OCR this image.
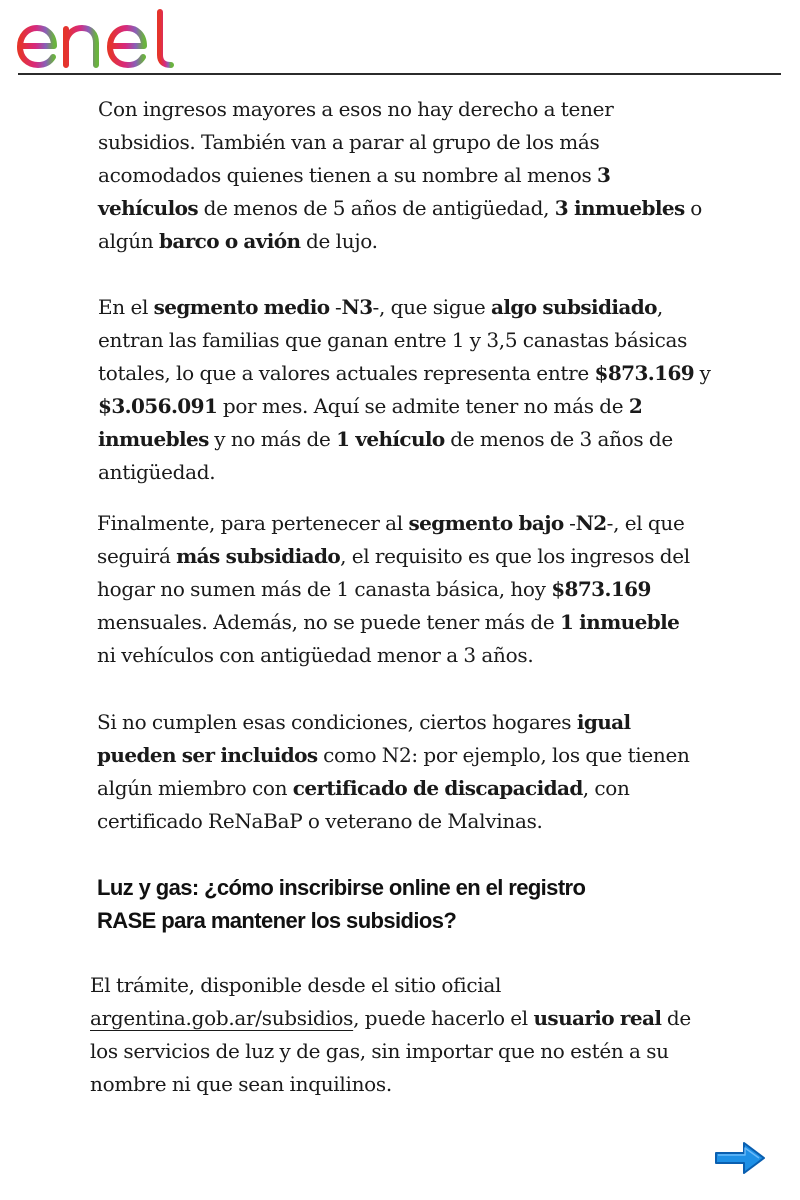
Con ingresos mayores a esos no hay derecho a tener
subsidios. También van a parar al grupo de los más
acomodados quienes tienen a su nombre al menos 3
vehículos de menos de 5 años de antigüedad, 3 inmuebles o
algún barco o avión de lujo.

En el segmento medio -N3-, que sigue algo subsidiado,
entran las familias que ganan entre 1 y 3,5 canastas básicas
totales, lo que a valores actuales representa entre $873.169 y
$3.056.091 por mes. Aquí se admite tener no más de 2
inmuebles y no más de 1 vehículo de menos de 3 años de
antigüedad.

Finalmente, para pertenecer al segmento bajo -N2-, el que
seguirá más subsidiado, el requisito es que los ingresos del
hogar no sumen más de 1 canasta básica, hoy $873.169
mensuales. Además, no se puede tener más de 1 inmueble
ni vehículos con antigüedad menor a 3 años.

Si no cumplen esas condiciones, ciertos hogares igual
pueden ser incluidos como N2: por ejemplo, los que tienen
algún miembro con certificado de discapacidad, con
certificado ReNaBaP o veterano de Malvinas.

Luz y gas: ¿cómo inscribirse online en el registro
RASE para mantener los subsidios?

El trámite, disponible desde el sitio oficial
argentina.gob.ar/subsidios, puede hacerlo el usuario real de
los servicios de luz y de gas, sin importar que no estén a su
nombre ni que sean inquilinos.
